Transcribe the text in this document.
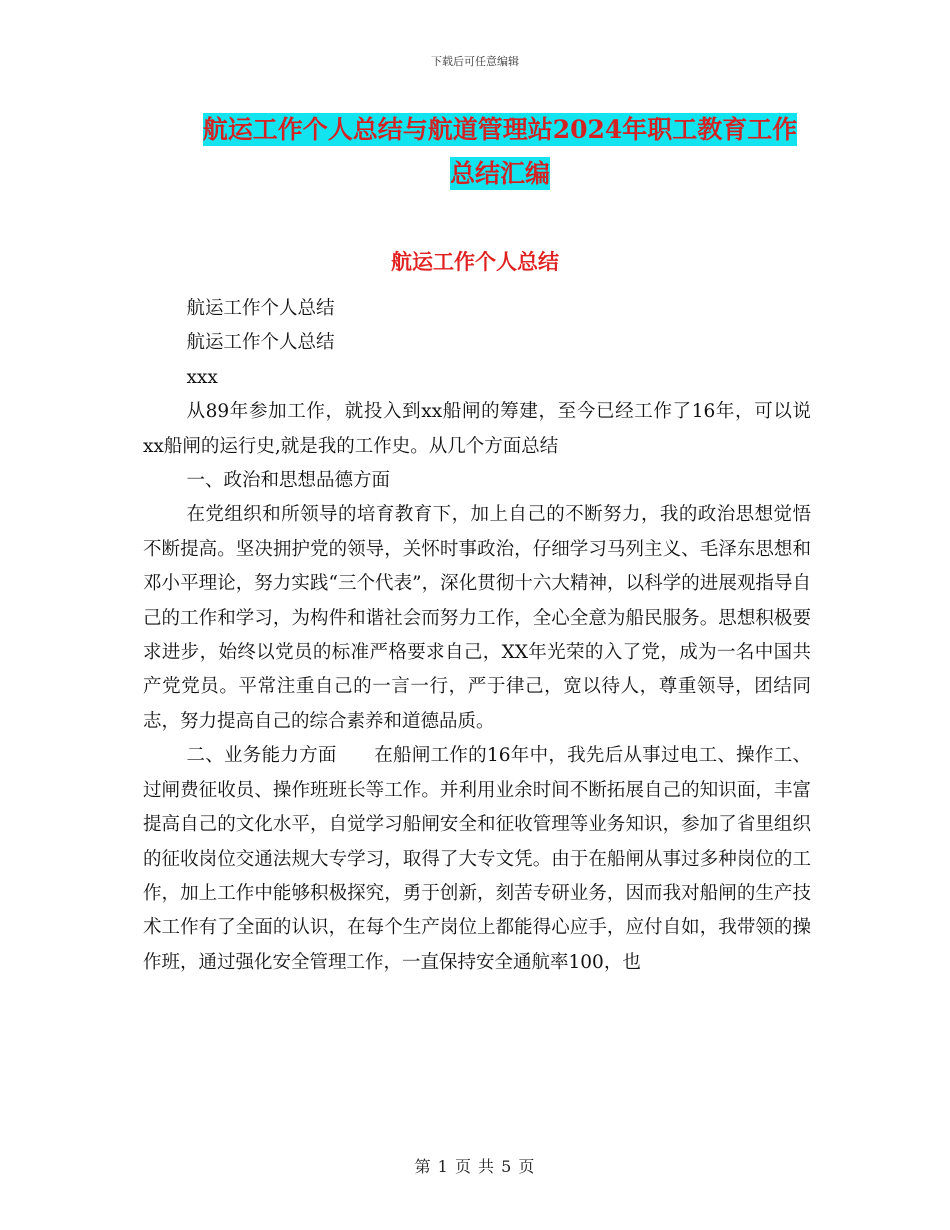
下载后可任意编辑
航运工作个人总结与航道管理站2024年职工教育工作
总结汇编
航运工作个人总结

航运工作个人总结

航运工作个人总结

xxx

从89年参加工作，就投入到xx船闸的筹建，至今已经工作了16年，可以说xx船闸的运行史,就是我的工作史。从几个方面总结

一、政治和思想品德方面

在党组织和所领导的培育教育下，加上自己的不断努力，我的政治思想觉悟不断提高。坚决拥护党的领导，关怀时事政治，仔细学习马列主义、毛泽东思想和邓小平理论，努力实践“三个代表”，深化贯彻十六大精神，以科学的进展观指导自己的工作和学习，为构件和谐社会而努力工作，全心全意为船民服务。思想积极要求进步，始终以党员的标准严格要求自己，XX年光荣的入了党，成为一名中国共产党党员。平常注重自己的一言一行，严于律己，宽以待人，尊重领导，团结同志，努力提高自己的综合素养和道德品质。

二、业务能力方面　　在船闸工作的16年中，我先后从事过电工、操作工、过闸费征收员、操作班班长等工作。并利用业余时间不断拓展自己的知识面，丰富提高自己的文化水平，自觉学习船闸安全和征收管理等业务知识，参加了省里组织的征收岗位交通法规大专学习，取得了大专文凭。由于在船闸从事过多种岗位的工作，加上工作中能够积极探究，勇于创新，刻苦专研业务，因而我对船闸的生产技术工作有了全面的认识，在每个生产岗位上都能得心应手，应付自如，我带领的操作班，通过强化安全管理工作，一直保持安全通航率100，也

第 1 页 共 5 页
